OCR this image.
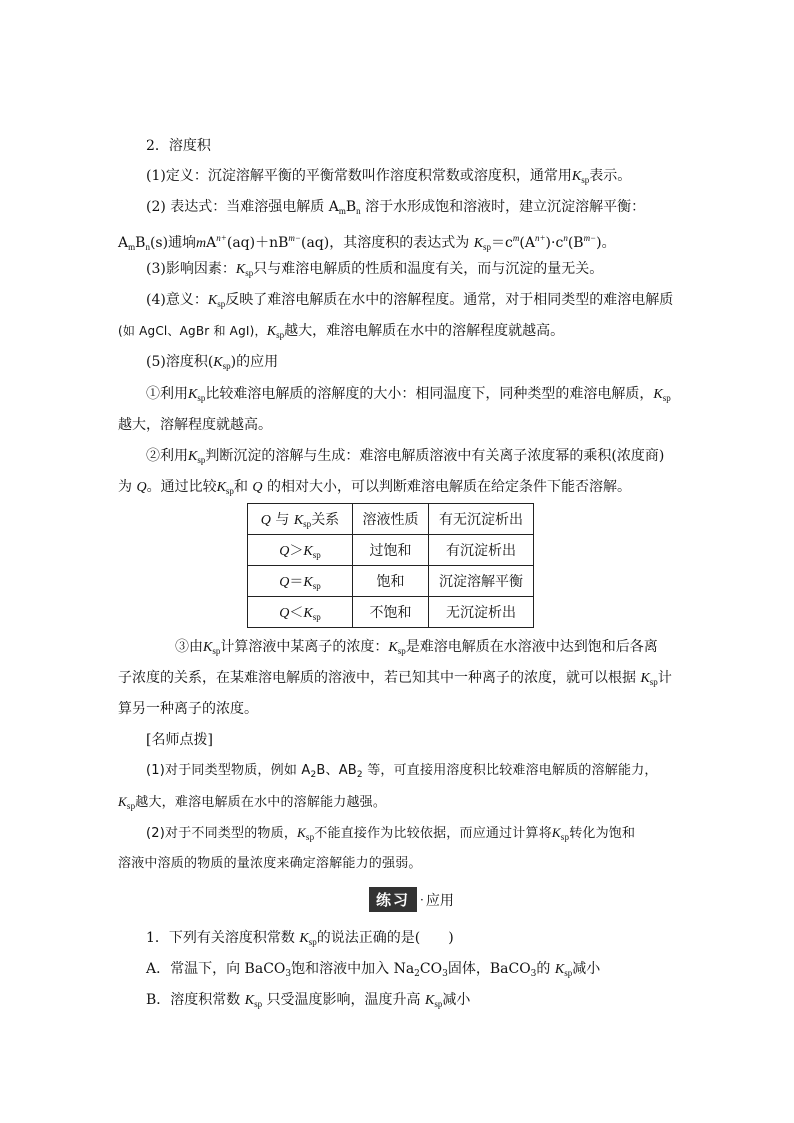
2．溶度积
(1)定义：沉淀溶解平衡的平衡常数叫作溶度积常数或溶度积，通常用$K_{sp}$表示。
(2) 表达式：当难溶强电解质 $A_mB_n$ 溶于水形成饱和溶液时，建立沉淀溶解平衡：
$A_mB_n(s)$逋垧$mA^{n+}(aq)+nB^{m-}(aq)$，其溶度积的表达式为 $K_{sp}=c^m(A^{n+})\cdot c^n(B^{m-})$。
(3)影响因素：$K_{sp}$只与难溶电解质的性质和温度有关，而与沉淀的量无关。
(4)意义：$K_{sp}$反映了难溶电解质在水中的溶解程度。通常，对于相同类型的难溶电解质
(如 AgCl、AgBr 和 AgI)，$K_{sp}$越大，难溶电解质在水中的溶解程度就越高。
(5)溶度积$(K_{sp})$的应用
①利用$K_{sp}$比较难溶电解质的溶解度的大小：相同温度下，同种类型的难溶电解质，$K_{sp}$
越大，溶解程度就越高。
②利用$K_{sp}$判断沉淀的溶解与生成：难溶电解质溶液中有关离子浓度幂的乘积(浓度商)
为 Q。通过比较$K_{sp}$和 Q 的相对大小，可以判断难溶电解质在给定条件下能否溶解。
Q 与 $K_{sp}$关系	溶液性质	有无沉淀析出
$Q>K_{sp}$	过饱和	有沉淀析出
$Q=K_{sp}$	饱和	沉淀溶解平衡
$Q<K_{sp}$	不饱和	无沉淀析出
③由$K_{sp}$计算溶液中某离子的浓度：$K_{sp}$是难溶电解质在水溶液中达到饱和后各离
子浓度的关系，在某难溶电解质的溶液中，若已知其中一种离子的浓度，就可以根据 $K_{sp}$计
算另一种离子的浓度。
[名师点拨]
(1)对于同类型物质，例如 $A_2B$、$AB_2$ 等，可直接用溶度积比较难溶电解质的溶解能力，
$K_{sp}$越大，难溶电解质在水中的溶解能力越强。
(2)对于不同类型的物质，$K_{sp}$不能直接作为比较依据，而应通过计算将$K_{sp}$转化为饱和
溶液中溶质的物质的量浓度来确定溶解能力的强弱。
练习 · 应用
1．下列有关溶度积常数 $K_{sp}$的说法正确的是(　　)
A．常温下，向 BaCO$_3$饱和溶液中加入 $Na_2CO_3$固体，BaCO$_3$的 $K_{sp}$减小
B．溶度积常数 $K_{sp}$ 只受温度影响，温度升高 $K_{sp}$减小
